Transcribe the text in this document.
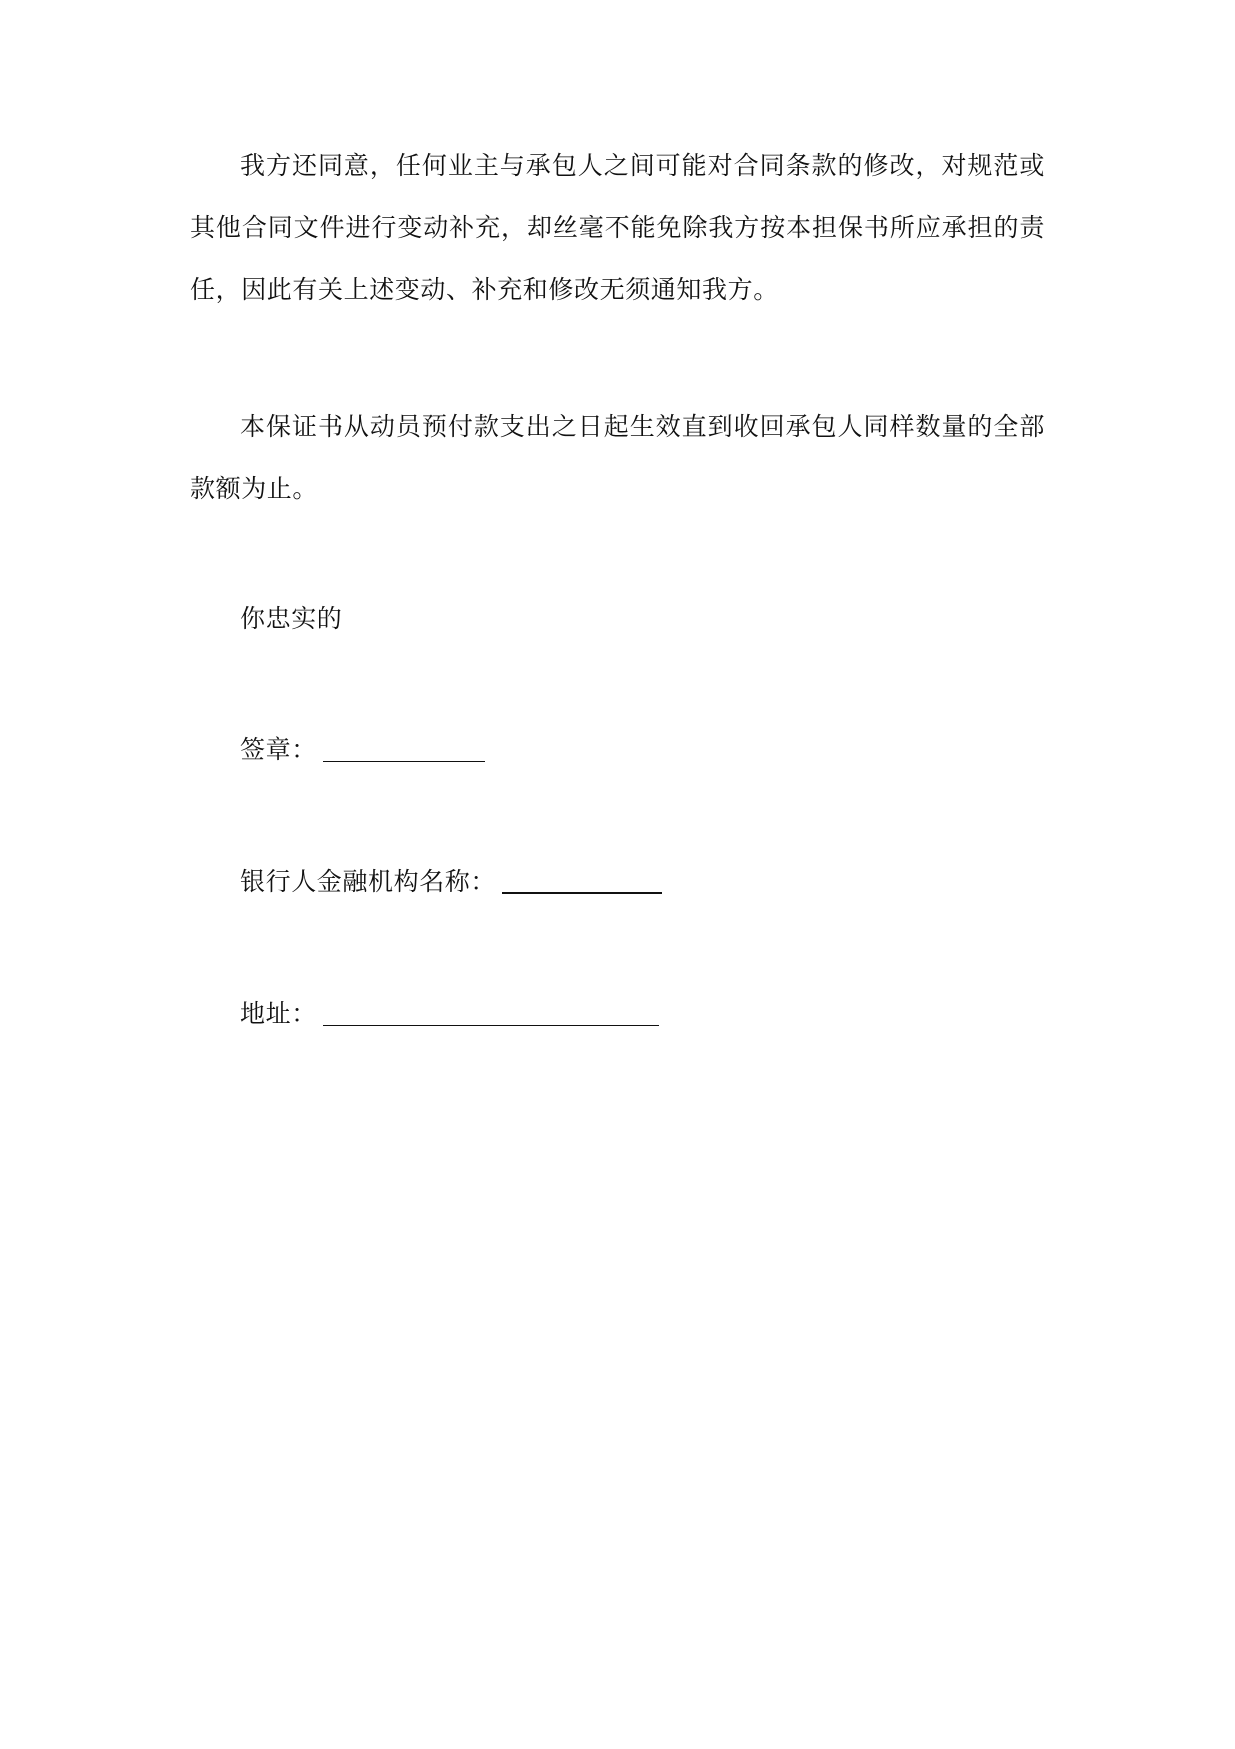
我方还同意，任何业主与承包人之间可能对合同条款的修改，对规范或其他合同文件进行变动补充，却丝毫不能免除我方按本担保书所应承担的责任，因此有关上述变动、补充和修改无须通知我方。

本保证书从动员预付款支出之日起生效直到收回承包人同样数量的全部款额为止。

你忠实的
签章：
银行人金融机构名称：
地址：
